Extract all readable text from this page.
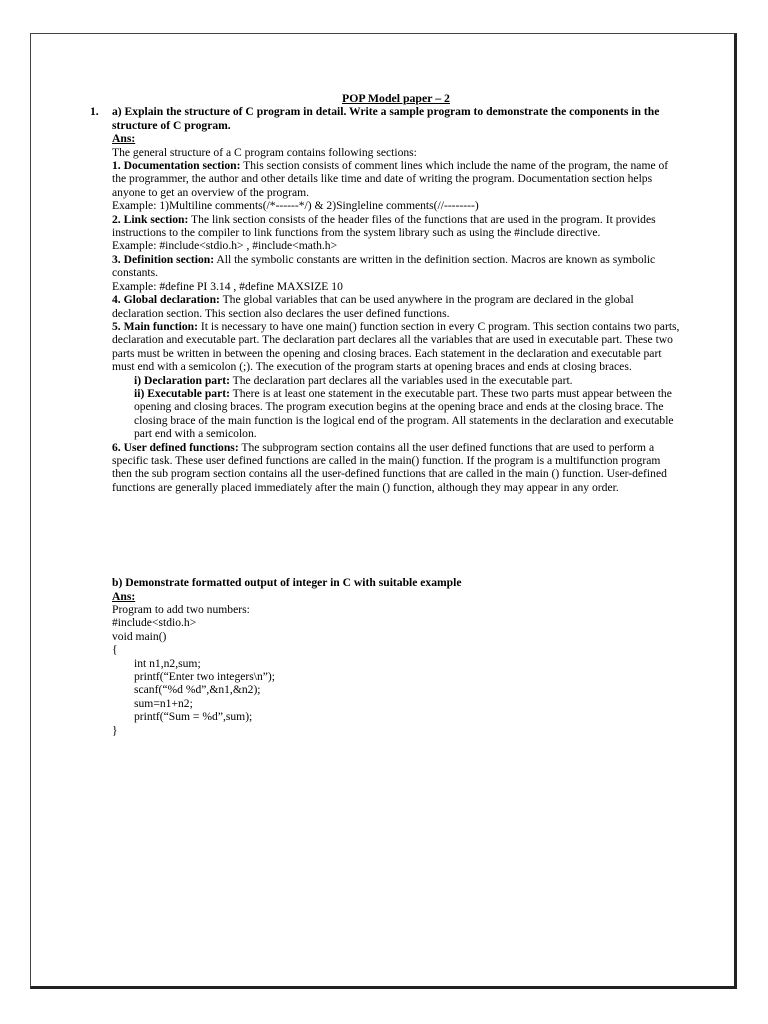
POP Model paper – 2

1. a) Explain the structure of C program in detail. Write a sample program to demonstrate the components in the structure of C program.

Ans:

The general structure of a C program contains following sections:

1. Documentation section: This section consists of comment lines which include the name of the program, the name of the programmer, the author and other details like time and date of writing the program. Documentation section helps anyone to get an overview of the program.

Example: 1)Multiline comments(/*------*/) & 2)Singleline comments(//--------)

2. Link section: The link section consists of the header files of the functions that are used in the program. It provides instructions to the compiler to link functions from the system library such as using the #include directive.

Example: #include<stdio.h> , #include<math.h>

3. Definition section: All the symbolic constants are written in the definition section. Macros are known as symbolic constants.

Example: #define PI 3.14 , #define MAXSIZE 10

4. Global declaration: The global variables that can be used anywhere in the program are declared in the global declaration section. This section also declares the user defined functions.

5. Main function: It is necessary to have one main() function section in every C program. This section contains two parts, declaration and executable part. The declaration part declares all the variables that are used in executable part. These two parts must be written in between the opening and closing braces. Each statement in the declaration and executable part must end with a semicolon (;). The execution of the program starts at opening braces and ends at closing braces.

i) Declaration part: The declaration part declares all the variables used in the executable part.

ii) Executable part: There is at least one statement in the executable part. These two parts must appear between the opening and closing braces. The program execution begins at the opening brace and ends at the closing brace. The closing brace of the main function is the logical end of the program. All statements in the declaration and executable part end with a semicolon.

6. User defined functions: The subprogram section contains all the user defined functions that are used to perform a specific task. These user defined functions are called in the main() function. If the program is a multifunction program then the sub program section contains all the user-defined functions that are called in the main () function. User-defined functions are generally placed immediately after the main () function, although they may appear in any order.

b) Demonstrate formatted output of integer in C with suitable example

Ans:

Program to add two numbers:

#include<stdio.h>

void main()

{

int n1,n2,sum;

printf(“Enter two integers\n”);

scanf(“%d %d”,&n1,&n2);

sum=n1+n2;

printf(“Sum = %d”,sum);

}
